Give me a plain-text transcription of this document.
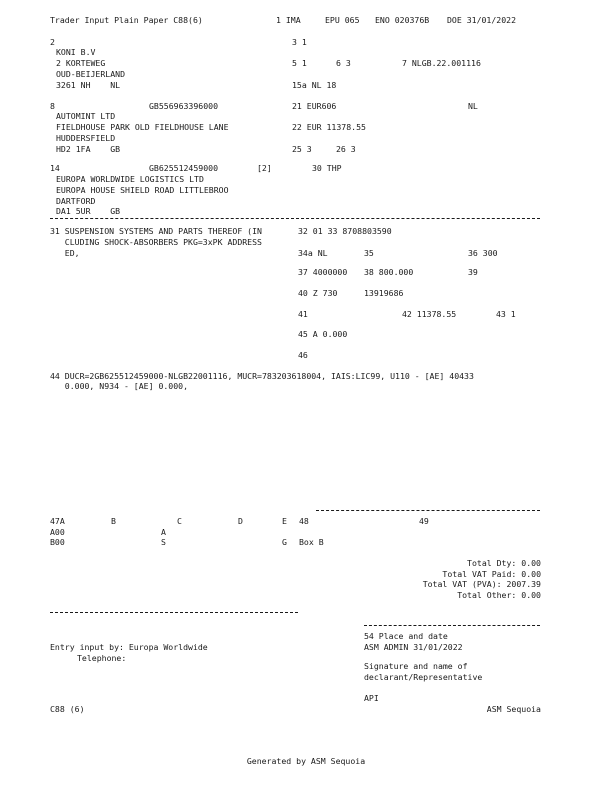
Trader Input Plain Paper C88(6)	1 IMA	EPU 065 ENO 020376B DOE 31/01/2022
2
KONI B.V
2 KORTEWEG
OUD-BEIJERLAND
3261 NH    NL
3 1
5 1	6 3	7 NLGB.22.001116
15a NL 18
8	GB556963396000
AUTOMINT LTD
FIELDHOUSE PARK OLD FIELDHOUSE LANE
HUDDERSFIELD
HD2 1FA    GB
21 EUR606	NL
22 EUR 11378.55
25 3	26 3
14	GB625512459000	[2]	30 THP
EUROPA WORLDWIDE LOGISTICS LTD
EUROPA HOUSE SHIELD ROAD LITTLEBROO
DARTFORD
DA1 5UR    GB
31 SUSPENSION SYSTEMS AND PARTS THEREOF (IN
CLUDING SHOCK-ABSORBERS PKG=3xPK ADDRESS
ED,
32 01 33 8708803590
34a NL	35	36 300
37 4000000 38 800.000	39
40 Z 730	13919686
41	42 11378.55	43 1
45 A 0.000
46
44 DUCR=2GB625512459000-NLGB22001116, MUCR=783203618004, IAIS:LIC99, U110 - [AE] 40433
0.000, N934 - [AE] 0.000,
47A	B	C	D	E 48	49
A00	A
B00	S	G Box B
Total Dty: 0.00
Total VAT Paid: 0.00
Total VAT (PVA): 2007.39
Total Other: 0.00
54 Place and date
Entry input by: Europa Worldwide	ASM ADMIN 31/01/2022
Telephone:
Signature and name of
declarant/Representative
API
C88 (6)	ASM Sequoia
Generated by ASM Sequoia
